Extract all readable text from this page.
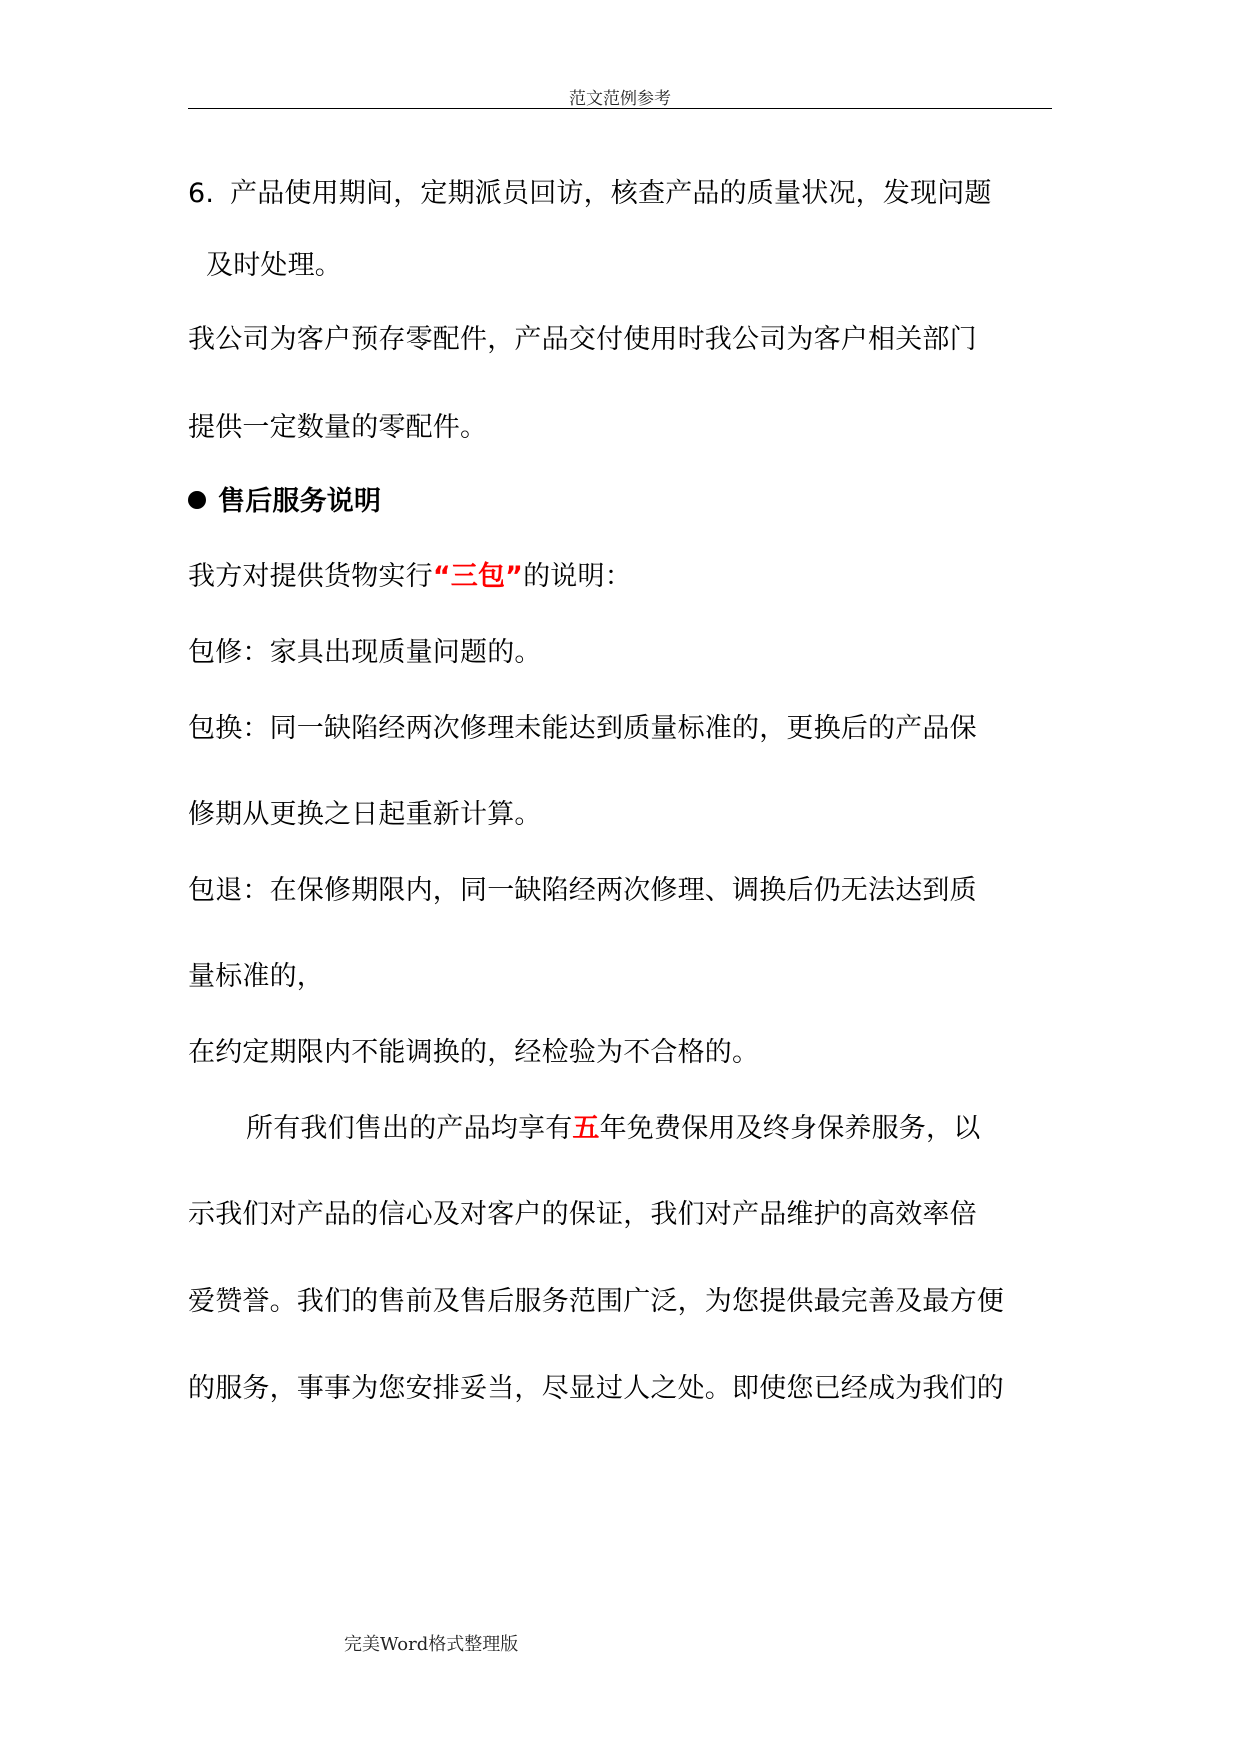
范文范例参考
6. 产品使用期间，定期派员回访，核查产品的质量状况，发现问题
及时处理。
我公司为客户预存零配件，产品交付使用时我公司为客户相关部门
提供一定数量的零配件。
售后服务说明
我方对提供货物实行“三包”的说明：
包修：家具出现质量问题的。
包换：同一缺陷经两次修理未能达到质量标准的，更换后的产品保
修期从更换之日起重新计算。
包退：在保修期限内，同一缺陷经两次修理、调换后仍无法达到质
量标准的，
在约定期限内不能调换的，经检验为不合格的。
所有我们售出的产品均享有五年免费保用及终身保养服务，以
示我们对产品的信心及对客户的保证，我们对产品维护的高效率倍
爱赞誉。我们的售前及售后服务范围广泛，为您提供最完善及最方便
的服务，事事为您安排妥当，尽显过人之处。即使您已经成为我们的
完美Word格式整理版
